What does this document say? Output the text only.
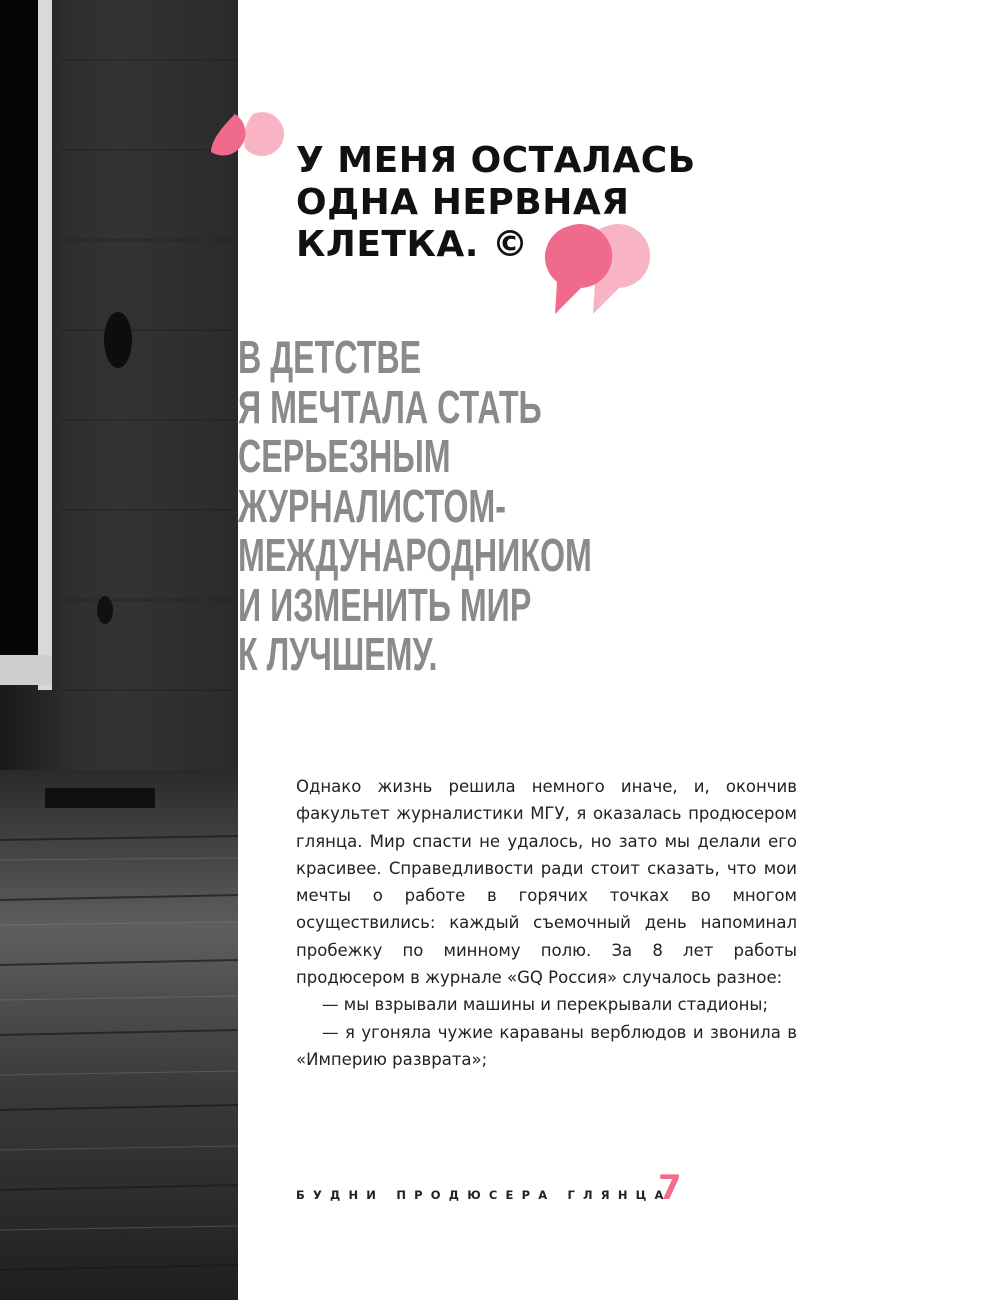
У МЕНЯ ОСТАЛАСЬ
ОДНА НЕРВНАЯ
КЛЕТКА. ©
В ДЕТСТВЕ
Я МЕЧТАЛА СТАТЬ
СЕРЬЕЗНЫМ
ЖУРНАЛИСТОМ-
МЕЖДУНАРОДНИКОМ
И ИЗМЕНИТЬ МИР
К ЛУЧШЕМУ.

Однако жизнь решила немного иначе, и, окончив факультет журналистики МГУ, я оказалась продюсером глянца. Мир спасти не удалось, но зато мы делали его красивее. Справедливости ради стоит сказать, что мои мечты о работе в горячих точках во многом осуществились: каждый съемочный день напоминал пробежку по минному полю. За 8 лет работы продюсером в журнале «GQ Россия» случалось разное:

— мы взрывали машины и перекрывали стадионы;

— я угоняла чужие караваны верблюдов и звонила в «Империю разврата»;

БУДНИ ПРОДЮСЕРА ГЛЯНЦА
7
